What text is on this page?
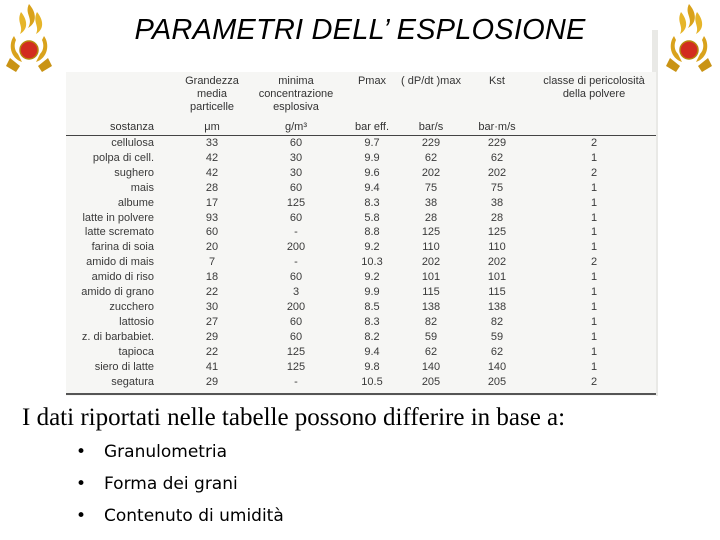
PARAMETRI DELL’ ESPLOSIONE
	Grandezza media particelle	minima concentrazione esplosiva	Pmax	( dP/dt )max	Kst	classe di pericolosità della polvere
sostanza	μm	g/m³	bar eff.	bar/s	bar·m/s	
cellulosa	33	60	9.7	229	229	2
polpa di cell.	42	30	9.9	62	62	1
sughero	42	30	9.6	202	202	2
mais	28	60	9.4	75	75	1
albume	17	125	8.3	38	38	1
latte in polvere	93	60	5.8	28	28	1
latte scremato	60	-	8.8	125	125	1
farina di soia	20	200	9.2	110	110	1
amido di mais	7	-	10.3	202	202	2
amido di riso	18	60	9.2	101	101	1
amido di grano	22	3	9.9	115	115	1
zucchero	30	200	8.5	138	138	1
lattosio	27	60	8.3	82	82	1
z. di barbabiet.	29	60	8.2	59	59	1
tapioca	22	125	9.4	62	62	1
siero di latte	41	125	9.8	140	140	1
segatura	29	-	10.5	205	205	2
I dati riportati nelle tabelle possono differire in base a:
• Granulometria
• Forma dei grani
• Contenuto di umidità
